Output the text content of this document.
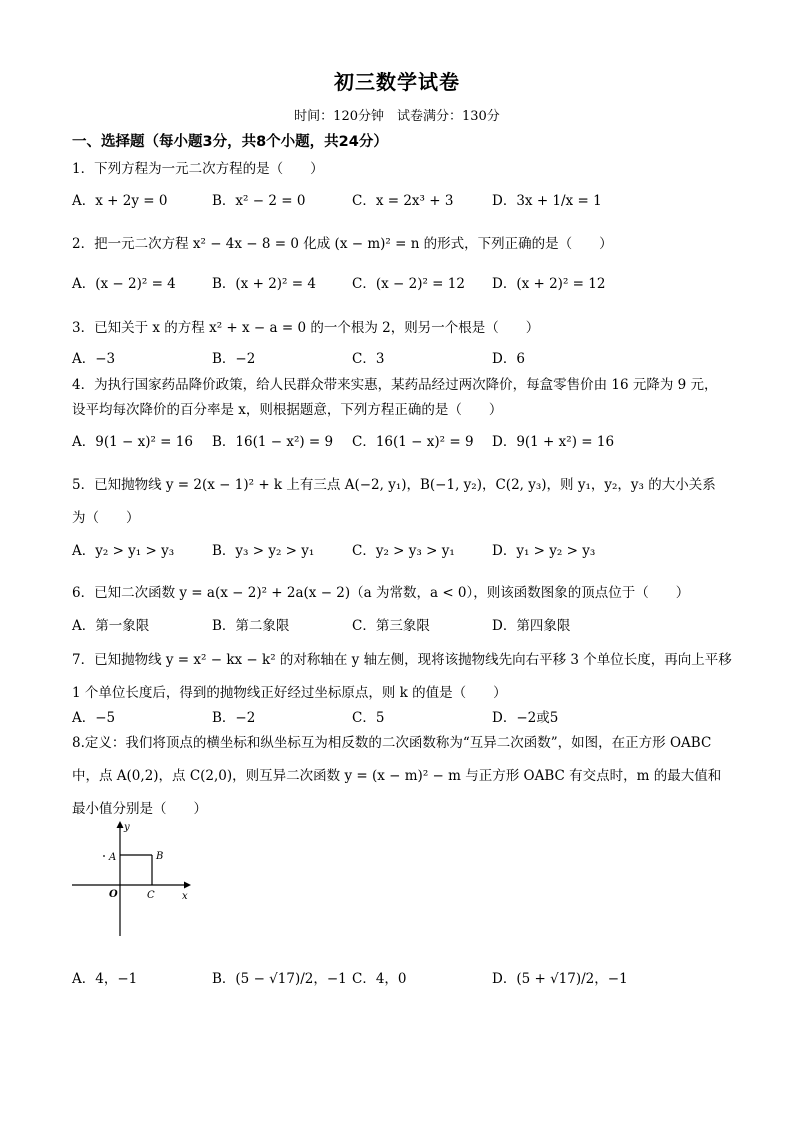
初三数学试卷
时间：120分钟　试卷满分：130分
一、选择题（每小题3分，共8个小题，共24分）
1．下列方程为一元二次方程的是（　　）
A．x + 2y = 0	B．x² − 2 = 0	C．x = 2x³ + 3	D．3x + 1/x = 1
2．把一元二次方程 x² − 4x − 8 = 0 化成 (x − m)² = n 的形式，下列正确的是（　　）
A．(x − 2)² = 4	B．(x + 2)² = 4	C．(x − 2)² = 12 D．(x + 2)² = 12
3．已知关于 x 的方程 x² + x − a = 0 的一个根为 2，则另一个根是（　　）
A．−3	B．−2	C．3	D．6
4．为执行国家药品降价政策，给人民群众带来实惠，某药品经过两次降价，每盒零售价由 16 元降为 9 元，
设平均每次降价的百分率是 x，则根据题意，下列方程正确的是（　　）
A．9(1 − x)² = 16 B．16(1 − x²) = 9 C．16(1 − x)² = 9 D．9(1 + x²) = 16
5．已知抛物线 y = 2(x − 1)² + k 上有三点 A(−2, y₁)，B(−1, y₂)，C(2, y₃)，则 y₁，y₂，y₃ 的大小关系
为（　　）
A．y₂ > y₁ > y₃	B．y₃ > y₂ > y₁	C．y₂ > y₃ > y₁	D．y₁ > y₂ > y₃
6．已知二次函数 y = a(x − 2)² + 2a(x − 2)（a 为常数，a < 0），则该函数图象的顶点位于（　　）
A．第一象限	B．第二象限	C．第三象限	D．第四象限
7．已知抛物线 y = x² − kx − k² 的对称轴在 y 轴左侧，现将该抛物线先向右平移 3 个单位长度，再向上平移
1 个单位长度后，得到的抛物线正好经过坐标原点，则 k 的值是（　　）
A．−5	B．−2	C．5	D．−2或5
8.定义：我们将顶点的横坐标和纵坐标互为相反数的二次函数称为“互异二次函数”，如图，在正方形 OABC
中，点 A(0,2)，点 C(2,0)，则互异二次函数 y = (x − m)² − m 与正方形 OABC 有交点时，m 的最大值和
最小值分别是（　　）
y
x
O
A	B
C
A．4，−1	B．(5 − √17)/2，−1 C．4，0	D．(5 + √17)/2，−1
